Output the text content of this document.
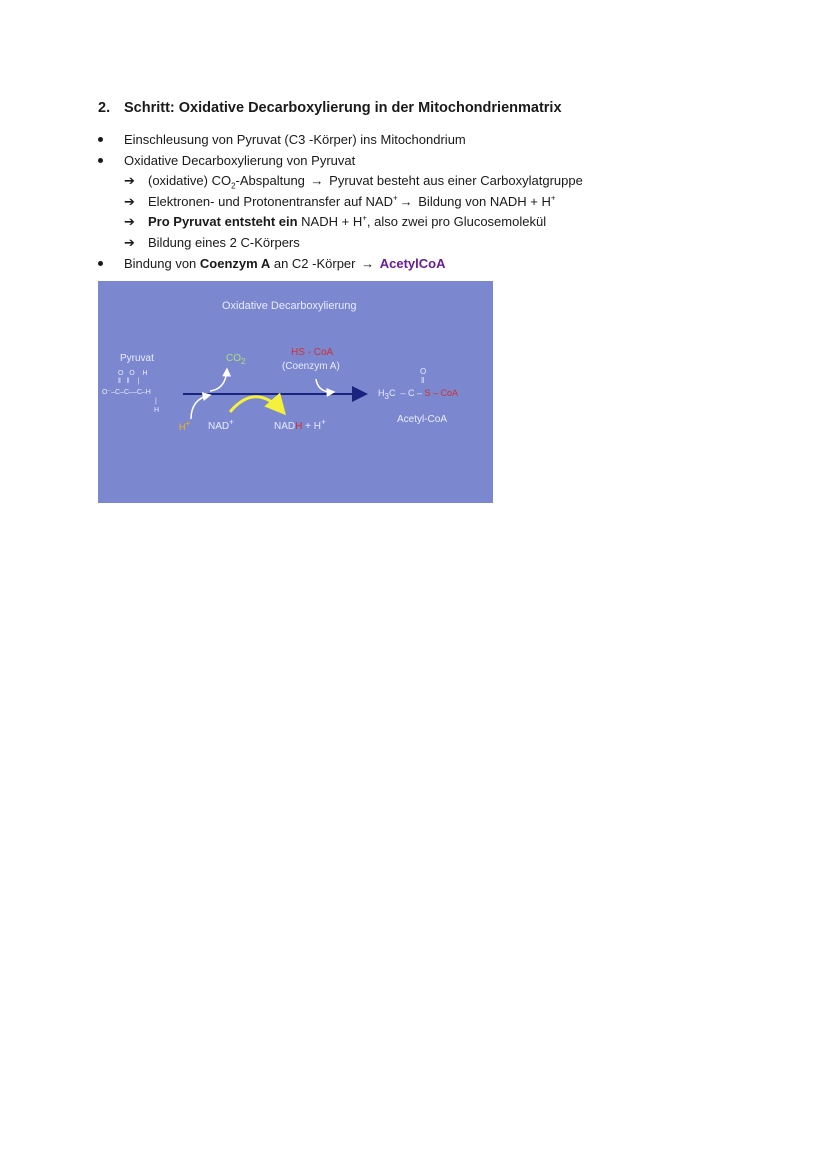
2. Schritt: Oxidative Decarboxylierung in der Mitochondrienmatrix
Einschleusung von Pyruvat (C3 -Körper) ins Mitochondrium
Oxidative Decarboxylierung von Pyruvat
➔ (oxidative) $CO_2$-Abspaltung → Pyruvat besteht aus einer Carboxylatgruppe
➔ Elektronen- und Protonentransfer auf NAD+ → Bildung von NADH + H+
➔ Pro Pyruvat entsteht ein NADH + H+, also zwei pro Glucosemolekül
➔ Bildung eines 2 C-Körpers
Bindung von Coenzym A an C2 -Körper → AcetylCoA
Oxidative Decarboxylierung
Pyruvat
O   O    H
‖   ‖    |
O⁻–C–C––C–H
|
H
$CO_2$
HS - CoA
(Coenzym A)
H+ NAD+	NADH + H+
O
‖
$H_3C$  – C – S – CoA
Acetyl-CoA
